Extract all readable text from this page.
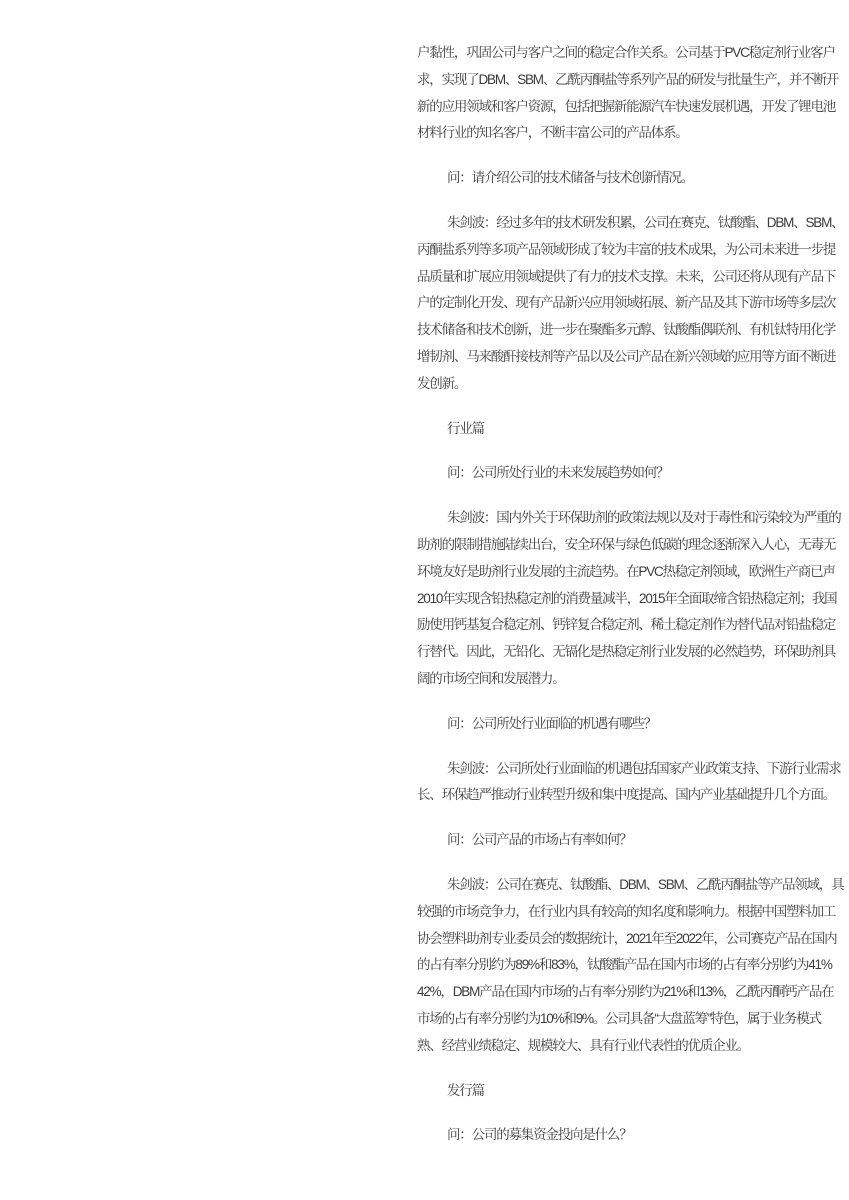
户黏性，巩固公司与客户之间的稳定合作关系。公司基于PVC稳定剂行业客户
求，实现了DBM、SBM、乙酰丙酮盐等系列产品的研发与批量生产，并不断开
新的应用领域和客户资源，包括把握新能源汽车快速发展机遇，开发了锂电池
材料行业的知名客户，不断丰富公司的产品体系。
问：请介绍公司的技术储备与技术创新情况。
朱剑波：经过多年的技术研发积累，公司在赛克、钛酸酯、DBM、SBM、
丙酮盐系列等多项产品领域形成了较为丰富的技术成果，为公司未来进一步提
品质量和扩展应用领域提供了有力的技术支撑。未来，公司还将从现有产品下
户的定制化开发、现有产品新兴应用领域拓展、新产品及其下游市场等多层次
技术储备和技术创新，进一步在聚酯多元醇、钛酸酯偶联剂、有机钛特用化学
增韧剂、马来酸酐接枝剂等产品以及公司产品在新兴领域的应用等方面不断进
发创新。
行业篇
问：公司所处行业的未来发展趋势如何？
朱剑波：国内外关于环保助剂的政策法规以及对于毒性和污染较为严重的
助剂的限制措施陆续出台，安全环保与绿色低碳的理念逐渐深入人心，无毒无
环境友好是助剂行业发展的主流趋势。在PVC热稳定剂领域，欧洲生产商已声
2010年实现含铅热稳定剂的消费量减半，2015年全面取缔含铅热稳定剂；我国
励使用钙基复合稳定剂、钙锌复合稳定剂、稀土稳定剂作为替代品对铅盐稳定
行替代。因此，无铅化、无镉化是热稳定剂行业发展的必然趋势，环保助剂具
阔的市场空间和发展潜力。
问：公司所处行业面临的机遇有哪些？
朱剑波：公司所处行业面临的机遇包括国家产业政策支持、下游行业需求
长、环保趋严推动行业转型升级和集中度提高、国内产业基础提升几个方面。
问：公司产品的市场占有率如何？
朱剑波：公司在赛克、钛酸酯、DBM、SBM、乙酰丙酮盐等产品领域，具
较强的市场竞争力，在行业内具有较高的知名度和影响力。根据中国塑料加工
协会塑料助剂专业委员会的数据统计，2021年至2022年，公司赛克产品在国内
的占有率分别约为89%和83%，钛酸酯产品在国内市场的占有率分别约为41%
42%，DBM产品在国内市场的占有率分别约为21%和13%，乙酰丙酮钙产品在
市场的占有率分别约为10%和9%。公司具备“大盘蓝筹”特色，属于业务模式
熟、经营业绩稳定、规模较大、具有行业代表性的优质企业。
发行篇
问：公司的募集资金投向是什么？
